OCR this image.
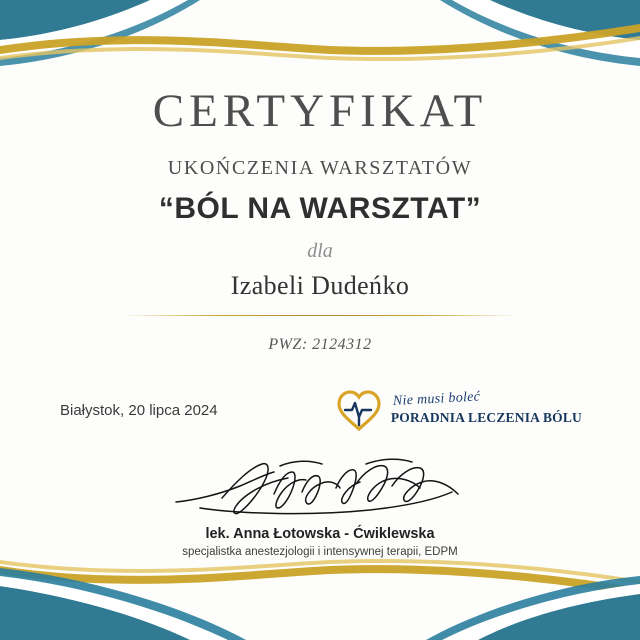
CERTYFIKAT
UKOŃCZENIA WARSZTATÓW
“BÓL NA WARSZTAT”
dla
Izabeli Dudeńko
PWZ: 2124312
Białystok, 20 lipca 2024
Nie musi boleć
PORADNIA LECZENIA BÓLU
lek. Anna Łotowska - Ćwiklewska
specjalistka anestezjologii i intensywnej terapii, EDPM
